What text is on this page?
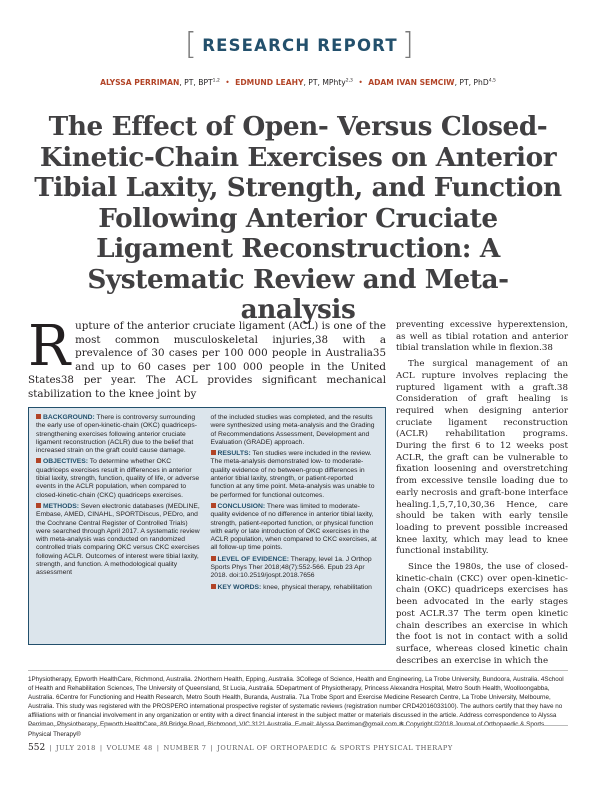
[ RESEARCH REPORT ]
ALYSSA PERRIMAN, PT, BPT$^{1,2}$ • EDMUND LEAHY, PT, MPhty$^{2,3}$ • ADAM IVAN SEMCIW, PT, PhD$^{4,5}$
The Effect of Open- Versus Closed-Kinetic-Chain Exercises on Anterior Tibial Laxity, Strength, and Function Following Anterior Cruciate Ligament Reconstruction: A Systematic Review and Meta-analysis
Rupture of the anterior cruciate ligament (ACL) is one of the most common musculoskeletal injuries,38 with a prevalence of 30 cases per 100 000 people in Australia35 and up to 60 cases per 100 000 people in the United States38 per year. The ACL provides significant mechanical stabilization to the knee joint by

BACKGROUND: There is controversy surrounding the early use of open-kinetic-chain (OKC) quadriceps-strengthening exercises following anterior cruciate ligament reconstruction (ACLR) due to the belief that increased strain on the graft could cause damage.

OBJECTIVES: To determine whether OKC quadriceps exercises result in differences in anterior tibial laxity, strength, function, quality of life, or adverse events in the ACLR population, when compared to closed-kinetic-chain (CKC) quadriceps exercises.

METHODS: Seven electronic databases (MEDLINE, Embase, AMED, CINAHL, SPORTDiscus, PEDro, and the Cochrane Central Register of Controlled Trials) were searched through April 2017. A systematic review with meta-analysis was conducted on randomized controlled trials comparing OKC versus CKC exercises following ACLR. Outcomes of interest were tibial laxity, strength, and function. A methodological quality assessment

of the included studies was completed, and the results were synthesized using meta-analysis and the Grading of Recommendations Assessment, Development and Evaluation (GRADE) approach.

RESULTS: Ten studies were included in the review. The meta-analysis demonstrated low- to moderate-quality evidence of no between-group differences in anterior tibial laxity, strength, or patient-reported function at any time point. Meta-analysis was unable to be performed for functional outcomes.

CONCLUSION: There was limited to moderate-quality evidence of no difference in anterior tibial laxity, strength, patient-reported function, or physical function with early or late introduction of OKC exercises in the ACLR population, when compared to CKC exercises, at all follow-up time points.

LEVEL OF EVIDENCE: Therapy, level 1a. J Orthop Sports Phys Ther 2018;48(7):552-566. Epub 23 Apr 2018. doi:10.2519/jospt.2018.7656

KEY WORDS: knee, physical therapy, rehabilitation

preventing excessive hyperextension, as well as tibial rotation and anterior tibial translation while in flexion.38

The surgical management of an ACL rupture involves replacing the ruptured ligament with a graft.38 Consideration of graft healing is required when designing anterior cruciate ligament reconstruction (ACLR) rehabilitation programs. During the first 6 to 12 weeks post ACLR, the graft can be vulnerable to fixation loosening and overstretching from excessive tensile loading due to early necrosis and graft-bone interface healing.1,5,7,10,30,36 Hence, care should be taken with early tensile loading to prevent possible increased knee laxity, which may lead to knee functional instability.

Since the 1980s, the use of closed-kinetic-chain (CKC) over open-kinetic-chain (OKC) quadriceps exercises has been advocated in the early stages post ACLR.37 The term open kinetic chain describes an exercise in which the foot is not in contact with a solid surface, whereas closed kinetic chain describes an exercise in which the

1Physiotherapy, Epworth HealthCare, Richmond, Australia. 2Northern Health, Epping, Australia. 3College of Science, Health and Engineering, La Trobe University, Bundoora, Australia. 4School of Health and Rehabilitation Sciences, The University of Queensland, St Lucia, Australia. 5Department of Physiotherapy, Princess Alexandra Hospital, Metro South Health, Woolloongabba, Australia. 6Centre for Functioning and Health Research, Metro South Health, Buranda, Australia. 7La Trobe Sport and Exercise Medicine Research Centre, La Trobe University, Melbourne, Australia. This study was registered with the PROSPERO international prospective register of systematic reviews (registration number CRD42016033100). The authors certify that they have no affiliations with or financial involvement in any organization or entity with a direct financial interest in the subject matter or materials discussed in the article. Address correspondence to Alyssa Physical Therapy®
552 | JULY 2018 | VOLUME 48 | NUMBER 7 | JOURNAL OF ORTHOPAEDIC & SPORTS PHYSICAL THERAPY
